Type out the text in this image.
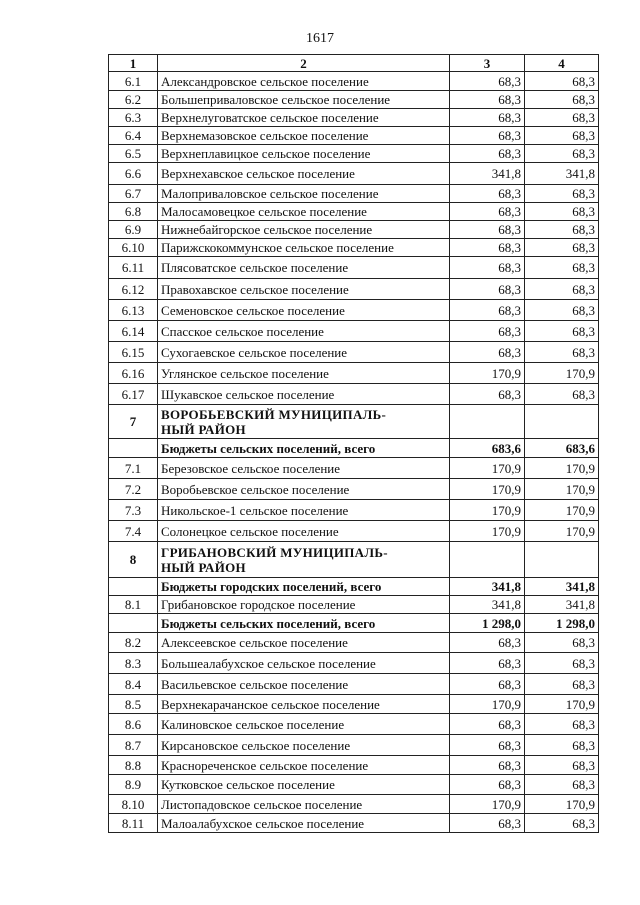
1617
1	2	3	4
6.1	Александровское сельское поселение	68,3	68,3
6.2	Большеприваловское сельское поселение	68,3	68,3
6.3	Верхнелуговатское сельское поселение	68,3	68,3
6.4	Верхнемазовское сельское поселение	68,3	68,3
6.5	Верхнеплавицкое сельское поселение	68,3	68,3
6.6	Верхнехавское сельское поселение	341,8	341,8
6.7	Малоприваловское сельское поселение	68,3	68,3
6.8	Малосамовецкое сельское поселение	68,3	68,3
6.9	Нижнебайгорское сельское поселение	68,3	68,3
6.10	Парижскокоммунское сельское поселение	68,3	68,3
6.11	Плясоватское сельское поселение	68,3	68,3
6.12	Правохавское сельское поселение	68,3	68,3
6.13	Семеновское сельское поселение	68,3	68,3
6.14	Спасское сельское поселение	68,3	68,3
6.15	Сухогаевское сельское поселение	68,3	68,3
6.16	Углянское сельское поселение	170,9	170,9
6.17	Шукавское сельское поселение	68,3	68,3
7	ВОРОБЬЕВСКИЙ МУНИЦИПАЛЬ-
НЫЙ РАЙОН		

	Бюджеты сельских поселений, всего	683,6	683,6
7.1	Березовское сельское поселение	170,9	170,9
7.2	Воробьевское сельское поселение	170,9	170,9
7.3	Никольское-1 сельское поселение	170,9	170,9
7.4	Солонецкое сельское поселение	170,9	170,9
8	ГРИБАНОВСКИЙ МУНИЦИПАЛЬ-
НЫЙ РАЙОН		

	Бюджеты городских поселений, всего	341,8	341,8
8.1	Грибановское городское поселение	341,8	341,8
	Бюджеты сельских поселений, всего	1 298,0	1 298,0
8.2	Алексеевское сельское поселение	68,3	68,3
8.3	Большеалабухское сельское поселение	68,3	68,3
8.4	Васильевское сельское поселение	68,3	68,3
8.5	Верхнекарачанское сельское поселение	170,9	170,9
8.6	Калиновское сельское поселение	68,3	68,3
8.7	Кирсановское сельское поселение	68,3	68,3
8.8	Краснореченское сельское поселение	68,3	68,3
8.9	Кутковское сельское поселение	68,3	68,3
8.10	Листопадовское сельское поселение	170,9	170,9
8.11	Малоалабухское сельское поселение	68,3	68,3
